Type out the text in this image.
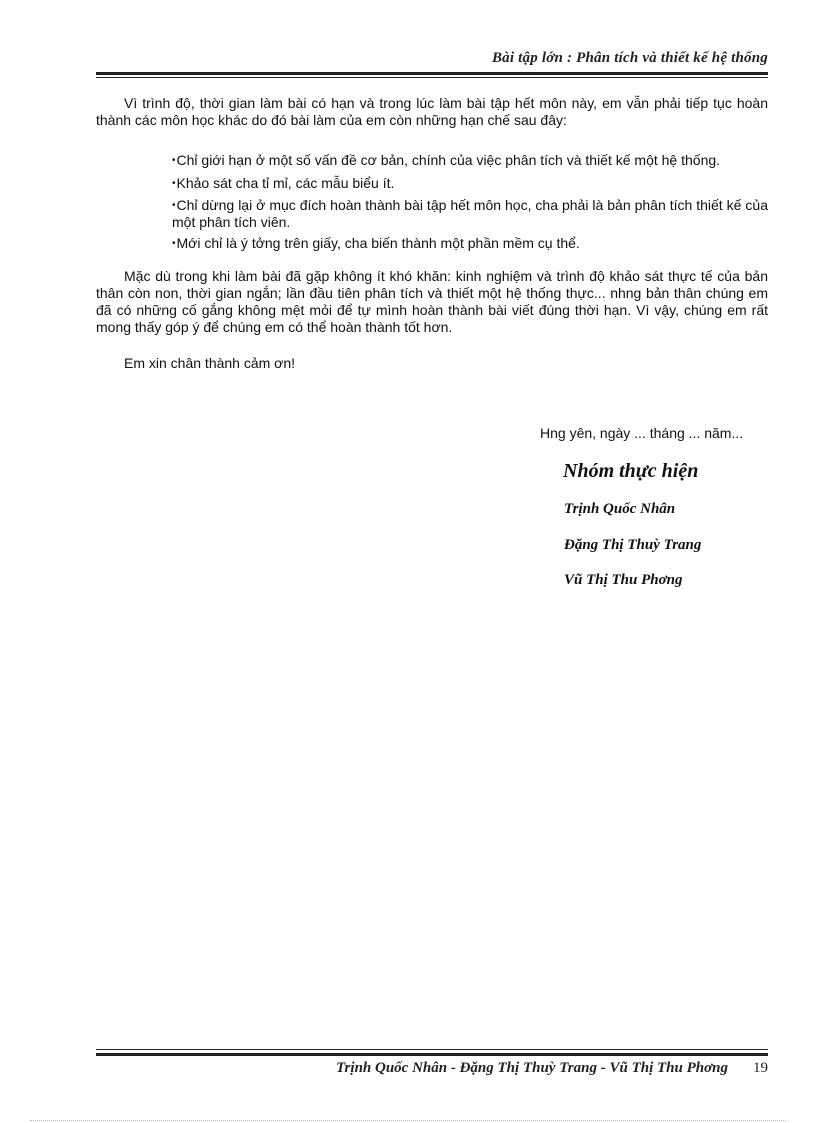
Bài tập lớn : Phân tích và thiết kế hệ thống
Vì trình độ, thời gian làm bài có hạn và trong lúc làm bài tập hết môn này, em vẫn phải tiếp tục hoàn thành các môn học khác do đó bài làm của em còn những hạn chế sau đây:
•Chỉ giới hạn ở một số vấn đề cơ bản, chính của việc phân tích và thiết kế một hệ thống.
•Khảo sát cha tỉ mỉ, các mẫu biểu ít.
•Chỉ dừng lại ở mục đích hoàn thành bài tập hết môn học, cha phải là bản phân tích thiết kế của một phân tích viên.
•Mới chỉ là ý tởng trên giấy, cha biến thành một phần mềm cụ thể.
Mặc dù trong khi làm bài đã gặp không ít khó khăn: kinh nghiệm và trình độ khảo sát thực tế của bản thân còn non, thời gian ngắn; lần đầu tiên phân tích và thiết một hệ thống thực... nhng bản thân chúng em đã có những cố gắng không mệt mỏi để tự mình hoàn thành bài viết đúng thời hạn. Vì vậy, chúng em rất mong thấy góp ý để chúng em có thể hoàn thành tốt hơn.
Em xin chân thành cảm ơn!
Hng yên, ngày ... tháng ... năm...
Nhóm thực hiện
Trịnh Quốc Nhân
Đặng Thị Thuỳ Trang
Vũ Thị Thu Phơng
Trịnh Quốc Nhân - Đặng Thị Thuỳ Trang - Vũ Thị Thu Phơng 19
